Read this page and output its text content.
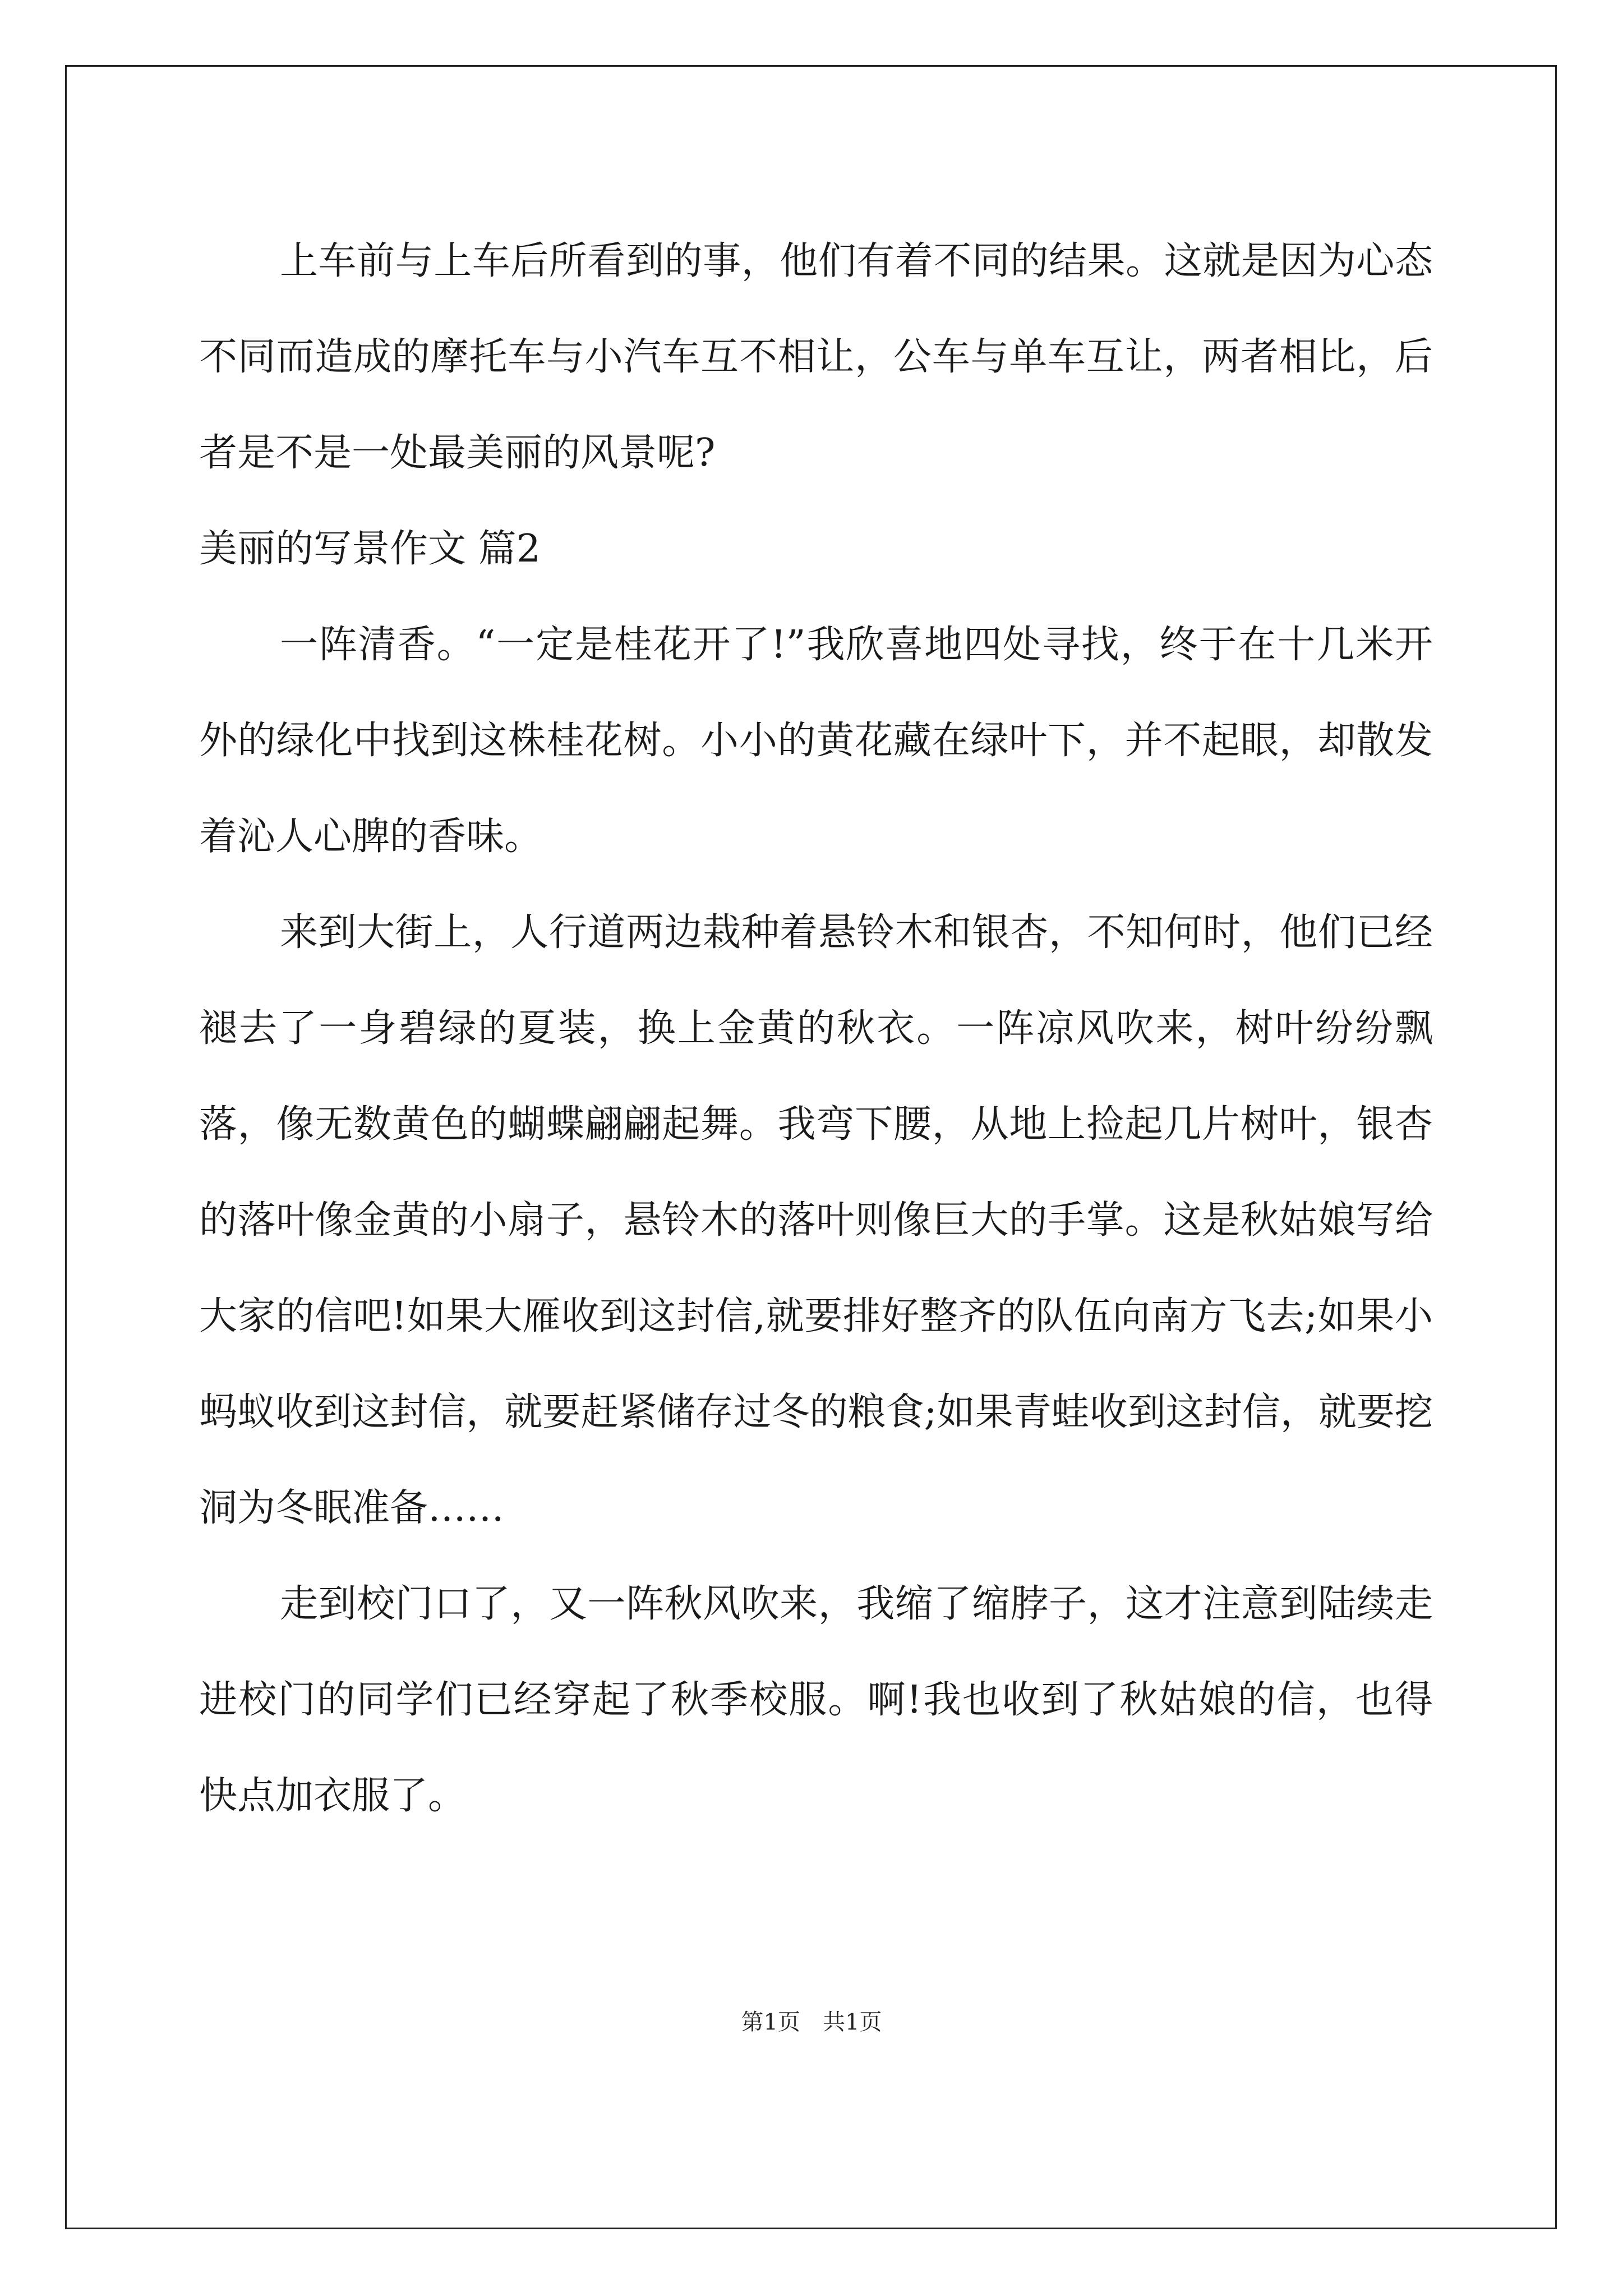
上车前与上车后所看到的事，他们有着不同的结果。这就是因为心态不同而造成的摩托车与小汽车互不相让，公车与单车互让，两者相比，后者是不是一处最美丽的风景呢?

美丽的写景作文 篇2

一阵清香。“一定是桂花开了!”我欣喜地四处寻找，终于在十几米开外的绿化中找到这株桂花树。小小的黄花藏在绿叶下，并不起眼，却散发着沁人心脾的香味。

来到大街上，人行道两边栽种着悬铃木和银杏，不知何时，他们已经褪去了一身碧绿的夏装，换上金黄的秋衣。一阵凉风吹来，树叶纷纷飘落，像无数黄色的蝴蝶翩翩起舞。我弯下腰，从地上捡起几片树叶，银杏的落叶像金黄的小扇子，悬铃木的落叶则像巨大的手掌。这是秋姑娘写给大家的信吧!如果大雁收到这封信,就要排好整齐的队伍向南方飞去;如果小蚂蚁收到这封信，就要赶紧储存过冬的粮食;如果青蛙收到这封信，就要挖洞为冬眠准备……

走到校门口了，又一阵秋风吹来，我缩了缩脖子，这才注意到陆续走进校门的同学们已经穿起了秋季校服。啊!我也收到了秋姑娘的信，也得快点加衣服了。

第1页 共1页
